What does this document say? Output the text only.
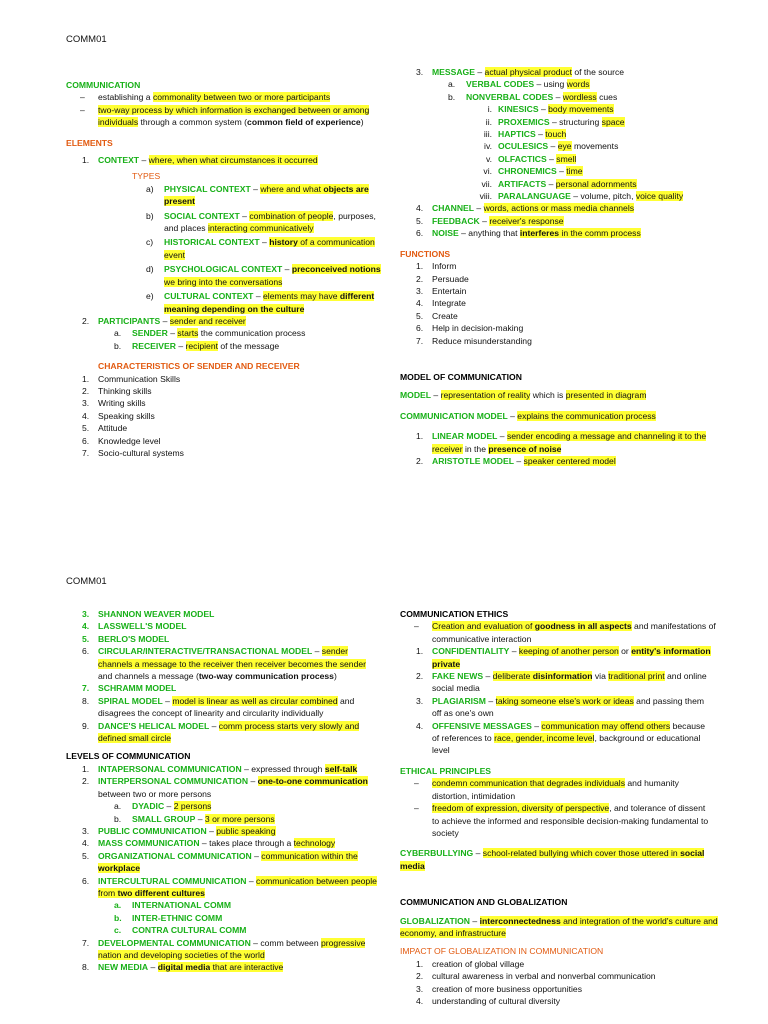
COMM01
COMMUNICATION
– establishing a commonality between two or more participants
– two-way process by which information is exchanged between or among
individuals through a common system (common field of experience)
ELEMENTS
1. CONTEXT – where, when what circumstances it occurred
TYPES
a) PHYSICAL CONTEXT – where and what objects are
present
b) SOCIAL CONTEXT – combination of people, purposes,
and places interacting communicatively
c) HISTORICAL CONTEXT – history of a communication
event
d) PSYCHOLOGICAL CONTEXT – preconceived notions
we bring into the conversations
e) CULTURAL CONTEXT – elements may have different
meaning depending on the culture
2. PARTICIPANTS – sender and receiver
a. SENDER – starts the communication process
b. RECEIVER – recipient of the message
CHARACTERISTICS OF SENDER AND RECEIVER
1. Communication Skills
2. Thinking skills
3. Writing skills
4. Speaking skills
5. Attitude
6. Knowledge level
7. Socio-cultural systems
3. MESSAGE – actual physical product of the source
a. VERBAL CODES – using words
b. NONVERBAL CODES – wordless cues
i. KINESICS – body movements
ii. PROXEMICS – structuring space
iii. HAPTICS – touch
iv. OCULESICS – eye movements
v. OLFACTICS – smell
vi. CHRONEMICS – time
vii. ARTIFACTS – personal adornments
viii. PARALANGUAGE – volume, pitch, voice quality
4. CHANNEL – words, actions or mass media channels
5. FEEDBACK – receiver's response
6. NOISE – anything that interferes in the comm process
FUNCTIONS
1. Inform
2. Persuade
3. Entertain
4. Integrate
5. Create
6. Help in decision-making
7. Reduce misunderstanding
MODEL OF COMMUNICATION
MODEL – representation of reality which is presented in diagram
COMMUNICATION MODEL – explains the communication process
1. LINEAR MODEL – sender encoding a message and channeling it to the
receiver in the presence of noise
2. ARISTOTLE MODEL – speaker centered model
COMM01
3. SHANNON WEAVER MODEL
4. LASSWELL'S MODEL
5. BERLO'S MODEL
6. CIRCULAR/INTERACTIVE/TRANSACTIONAL MODEL – sender
channels a message to the receiver then receiver becomes the sender
and channels a message (two-way communication process)
7. SCHRAMM MODEL
8. SPIRAL MODEL – model is linear as well as circular combined and
disagrees the concept of linearity and circularity individually
9. DANCE'S HELICAL MODEL – comm process starts very slowly and
defined small circle
LEVELS OF COMMUNICATION
1. INTAPERSONAL COMMUNICATION – expressed through self-talk
2. INTERPERSONAL COMMUNICATION – one-to-one communication
between two or more persons
a. DYADIC – 2 persons
b. SMALL GROUP – 3 or more persons
3. PUBLIC COMMUNICATION – public speaking
4. MASS COMMUNICATION – takes place through a technology
5. ORGANIZATIONAL COMMUNICATION – communication within the
workplace
6. INTERCULTURAL COMMUNICATION – communication between people
from two different cultures
a. INTERNATIONAL COMM
b. INTER-ETHNIC COMM
c. CONTRA CULTURAL COMM
7. DEVELOPMENTAL COMMUNICATION – comm between progressive
nation and developing societies of the world
8. NEW MEDIA – digital media that are interactive
COMMUNICATION ETHICS
– Creation and evaluation of goodness in all aspects and manifestations of
communicative interaction
1. CONFIDENTIALITY – keeping of another person or entity's information
private
2. FAKE NEWS – deliberate disinformation via traditional print and online
social media
3. PLAGIARISM – taking someone else's work or ideas and passing them
off as one's own
4. OFFENSIVE MESSAGES – communication may offend others because
of references to race, gender, income level, background or educational
level
ETHICAL PRINCIPLES
– condemn communication that degrades individuals and humanity
distortion, intimidation
– freedom of expression, diversity of perspective, and tolerance of dissent
to achieve the informed and responsible decision-making fundamental to
society
CYBERBULLYING – school-related bullying which cover those uttered in social
media
COMMUNICATION AND GLOBALIZATION
GLOBALIZATION – interconnectedness and integration of the world's culture and
economy, and infrastructure
IMPACT OF GLOBALIZATION IN COMMUNICATION
1. creation of global village
2. cultural awareness in verbal and nonverbal communication
3. creation of more business opportunities
4. understanding of cultural diversity
